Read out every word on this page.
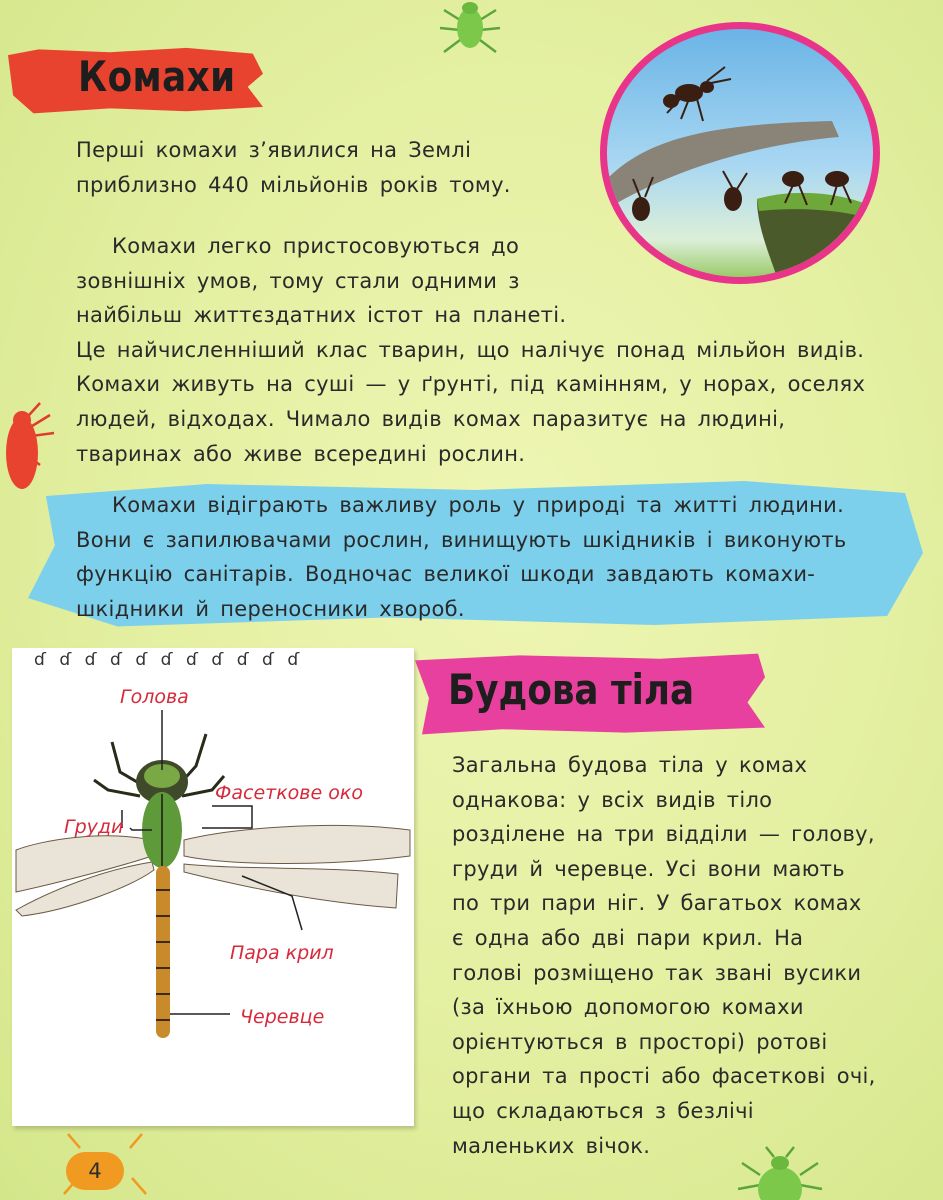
Комахи

Перші комахи з’явилися на Землі приблизно 440 мільйонів років тому.

Комахи легко пристосовуються до зовнішніх умов, тому стали одними з найбільш життєздатних істот на планеті. Це найчисленніший клас тварин, що налічує понад мільйон видів. Комахи живуть на суші — у ґрунті, під камінням, у норах, оселях людей, відходах. Чимало видів комах паразитує на людині, тваринах або живе всередині рослин.

Комахи відіграють важливу роль у природі та житті людини. Вони є запилювачами рослин, винищують шкідників і виконують функцію санітарів. Водночас великої шкоди завдають комахи-шкідники й переносники хвороб.

ɗɗɗɗɗɗɗɗɗɗɗ
Голова
Фасеткове око
Груди
Пара крил
Черевце
Будова тіла

Загальна будова тіла у комах однакова: у всіх видів тіло розділене на три відділи — голову, груди й черевце. Усі вони мають по три пари ніг. У багатьох комах є одна або дві пари крил. На голові розміщено так звані вусики (за їхньою допомогою комахи орієнтуються в просторі) ротові органи та прості або фасеткові очі, що складаються з безлічі маленьких вічок.

4
